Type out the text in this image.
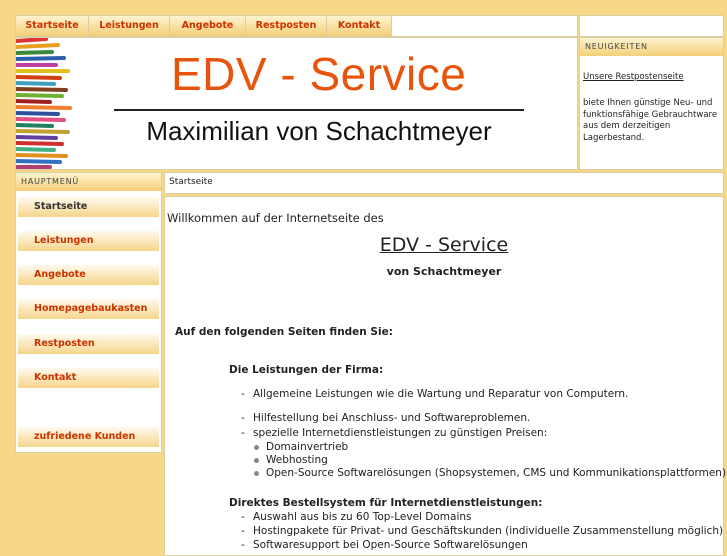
Startseite	Leistungen	Angebote	Restposten	Kontakt
EDV - Service
Maximilian von Schachtmeyer
NEUIGKEITEN
Unsere Restpostenseite
biete Ihnen günstige Neu- und funktionsfähige Gebrauchtware aus dem derzeitigen Lagerbestand.
HAUPTMENÜ
Startseite
Leistungen
Angebote
Homepagebaukasten
Restposten
Kontakt
zufriedene Kunden
Startseite
Willkommen auf der Internetseite des
EDV - Service
von Schachtmeyer
Auf den folgenden Seiten finden Sie:
Die Leistungen der Firma:
- Allgemeine Leistungen wie die Wartung und Reparatur von Computern.
- Hilfestellung bei Anschluss- und Softwareproblemen.
- spezielle Internetdienstleistungen zu günstigen Preisen:
Domainvertrieb
Webhosting
Open-Source Softwarelösungen (Shopsystemen, CMS und Kommunikationsplattformen)
Direktes Bestellsystem für Internetdienstleistungen:
- Auswahl aus bis zu 60 Top-Level Domains
- Hostingpakete für Privat- und Geschäftskunden (individuelle Zusammenstellung möglich)
- Softwaresupport bei Open-Source Softwarelösungen
